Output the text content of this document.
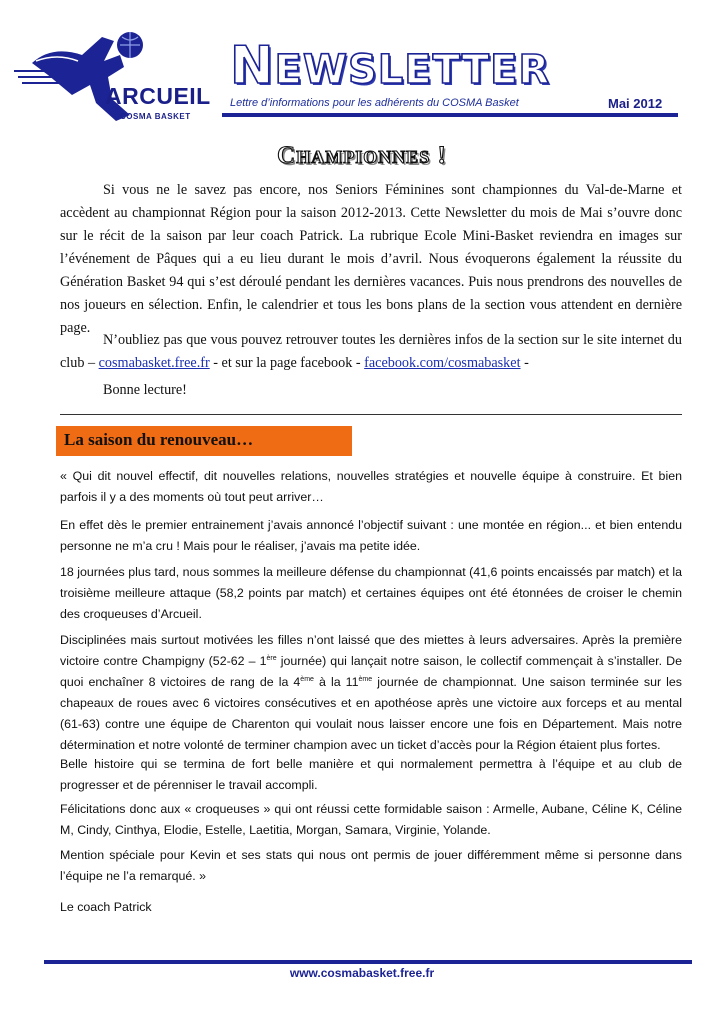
ARCUEIL
COSMA BASKET
NEWSLETTER
Lettre d’informations pour les adhérents du COSMA Basket	Mai 2012
Championnes !

Si vous ne le savez pas encore, nos Seniors Féminines sont championnes du Val-de-Marne et accèdent au championnat Région pour la saison 2012-2013. Cette Newsletter du mois de Mai s’ouvre donc sur le récit de la saison par leur coach Patrick. La rubrique Ecole Mini-Basket reviendra en images sur l’événement de Pâques qui a eu lieu durant le mois d’avril. Nous évoquerons également la réussite du Génération Basket 94 qui s’est déroulé pendant les dernières vacances. Puis nous prendrons des nouvelles de nos joueurs en sélection. Enfin, le calendrier et tous les bons plans de la section vous attendent en dernière page.

N’oubliez pas que vous pouvez retrouver toutes les dernières infos de la section sur le site internet du club – cosmabasket.free.fr - et sur la page facebook - facebook.com/cosmabasket -

Bonne lecture!

La saison du renouveau…

« Qui dit nouvel effectif, dit nouvelles relations, nouvelles stratégies et nouvelle équipe à construire. Et bien parfois il y a des moments où tout peut arriver…

En effet dès le premier entrainement j’avais annoncé l’objectif suivant : une montée en région... et bien entendu personne ne m’a cru ! Mais pour le réaliser, j’avais ma petite idée.

18 journées plus tard, nous sommes la meilleure défense du championnat (41,6 points encaissés par match) et la troisième meilleure attaque (58,2 points par match) et certaines équipes ont été étonnées de croiser le chemin des croqueuses d’Arcueil.

Disciplinées mais surtout motivées les filles n’ont laissé que des miettes à leurs adversaires. Après la première victoire contre Champigny (52-62 – 1ère journée) qui lançait notre saison, le collectif commençait à s’installer. De quoi enchaîner 8 victoires de rang de la 4ème à la 11ème journée de championnat. Une saison terminée sur les chapeaux de roues avec 6 victoires consécutives et en apothéose après une victoire aux forceps et au mental (61-63) contre une équipe de Charenton qui voulait nous laisser encore une fois en Département. Mais notre détermination et notre volonté de terminer champion avec un ticket d’accès pour la Région étaient plus fortes.

Belle histoire qui se termina de fort belle manière et qui normalement permettra à l’équipe et au club de progresser et de pérenniser le travail accompli.

Félicitations donc aux « croqueuses » qui ont réussi cette formidable saison : Armelle, Aubane, Céline K, Céline M, Cindy, Cinthya, Elodie, Estelle, Laetitia, Morgan, Samara, Virginie, Yolande.

Mention spéciale pour Kevin et ses stats qui nous ont permis de jouer différemment même si personne dans l’équipe ne l’a remarqué. »

Le coach Patrick

www.cosmabasket.free.fr
